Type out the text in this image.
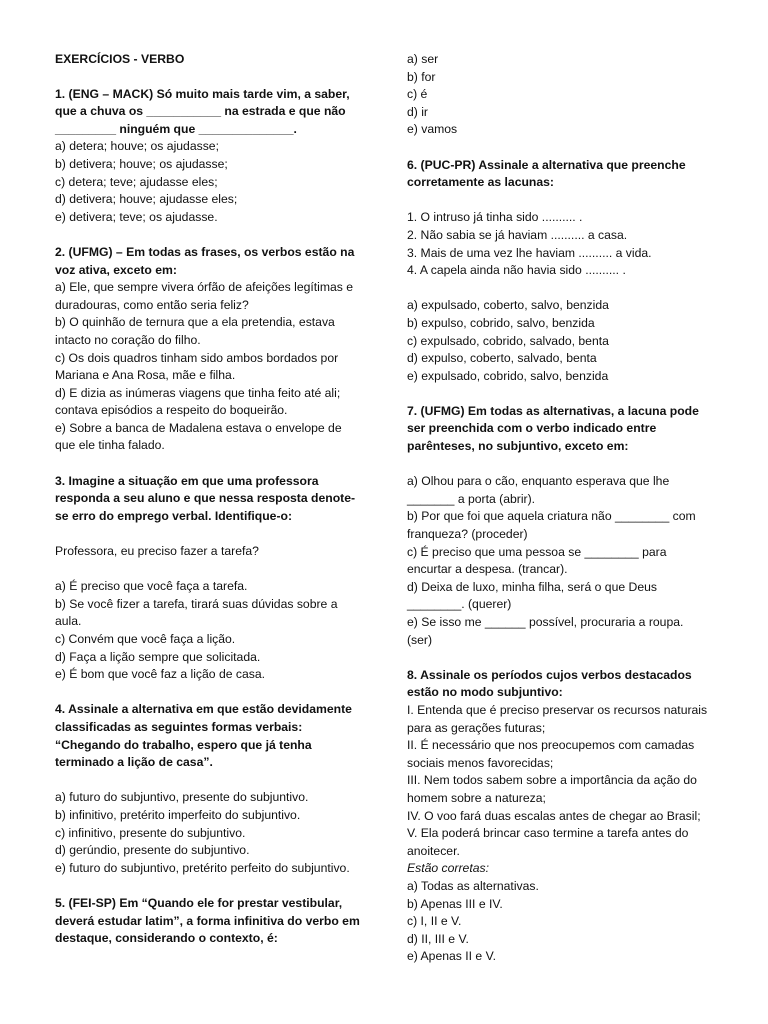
EXERCÍCIOS - VERBO

1. (ENG – MACK) Só muito mais tarde vim, a saber, que a chuva os ___________ na estrada e que não _________ ninguém que ______________.

a) detera; houve; os ajudasse;

b) detivera; houve; os ajudasse;

c) detera; teve; ajudasse eles;

d) detivera; houve; ajudasse eles;

e) detivera; teve; os ajudasse.

2. (UFMG) – Em todas as frases, os verbos estão na voz ativa, exceto em:

a) Ele, que sempre vivera órfão de afeições legítimas e duradouras, como então seria feliz?

b) O quinhão de ternura que a ela pretendia, estava intacto no coração do filho.

c) Os dois quadros tinham sido ambos bordados por Mariana e Ana Rosa, mãe e filha.

d) E dizia as inúmeras viagens que tinha feito até ali; contava episódios a respeito do boqueirão.

e) Sobre a banca de Madalena estava o envelope de que ele tinha falado.

3. Imagine a situação em que uma professora responda a seu aluno e que nessa resposta denote-se erro do emprego verbal. Identifique-o:

Professora, eu preciso fazer a tarefa?

a) É preciso que você faça a tarefa.

b) Se você fizer a tarefa, tirará suas dúvidas sobre a aula.

c) Convém que você faça a lição.

d) Faça a lição sempre que solicitada.

e) É bom que você faz a lição de casa.

4. Assinale a alternativa em que estão devidamente classificadas as seguintes formas verbais: “Chegando do trabalho, espero que já tenha terminado a lição de casa”.

a) futuro do subjuntivo, presente do subjuntivo.

b) infinitivo, pretérito imperfeito do subjuntivo.

c) infinitivo, presente do subjuntivo.

d) gerúndio, presente do subjuntivo.

e) futuro do subjuntivo, pretérito perfeito do subjuntivo.

5. (FEI-SP) Em “Quando ele for prestar vestibular, deverá estudar latim”, a forma infinitiva do verbo em destaque, considerando o contexto, é:

a) ser

b) for

c) é

d) ir

e) vamos

6. (PUC-PR) Assinale a alternativa que preenche corretamente as lacunas:

1. O intruso já tinha sido .......... .

2. Não sabia se já haviam .......... a casa.

3. Mais de uma vez lhe haviam .......... a vida.

4. A capela ainda não havia sido .......... .

a) expulsado, coberto, salvo, benzida

b) expulso, cobrido, salvo, benzida

c) expulsado, cobrido, salvado, benta

d) expulso, coberto, salvado, benta

e) expulsado, cobrido, salvo, benzida

7. (UFMG) Em todas as alternativas, a lacuna pode ser preenchida com o verbo indicado entre parênteses, no subjuntivo, exceto em:

a) Olhou para o cão, enquanto esperava que lhe _______ a porta (abrir).

b) Por que foi que aquela criatura não ________ com franqueza? (proceder)

c) É preciso que uma pessoa se ________ para encurtar a despesa. (trancar).

d) Deixa de luxo, minha filha, será o que Deus ________. (querer)

e) Se isso me ______ possível, procuraria a roupa. (ser)

8. Assinale os períodos cujos verbos destacados estão no modo subjuntivo:

I. Entenda que é preciso preservar os recursos naturais para as gerações futuras;

II. É necessário que nos preocupemos com camadas sociais menos favorecidas;

III. Nem todos sabem sobre a importância da ação do homem sobre a natureza;

IV. O voo fará duas escalas antes de chegar ao Brasil;

V. Ela poderá brincar caso termine a tarefa antes do anoitecer.

Estão corretas:

a) Todas as alternativas.

b) Apenas III e IV.

c) I, II e V.

d) II, III e V.

e) Apenas II e V.
